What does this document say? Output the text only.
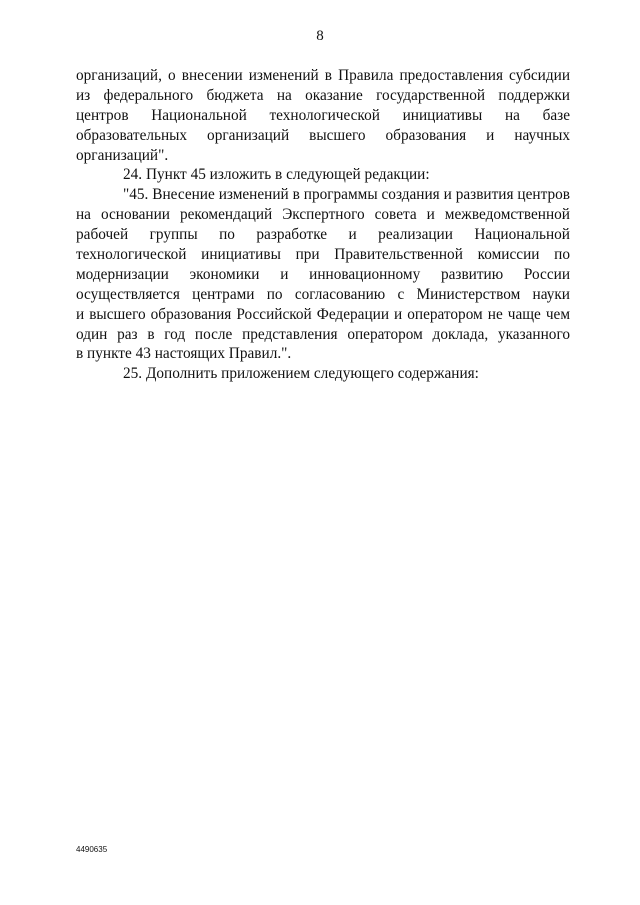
8
организаций, о внесении изменений в Правила предоставления субсидии
из федерального бюджета на оказание государственной поддержки
центров Национальной технологической инициативы на базе
образовательных организаций высшего образования и научных
организаций".
24. Пункт 45 изложить в следующей редакции:
"45. Внесение изменений в программы создания и развития центров
на основании рекомендаций Экспертного совета и межведомственной
рабочей группы по разработке и реализации Национальной
технологической инициативы при Правительственной комиссии по
модернизации экономики и инновационному развитию России
осуществляется центрами по согласованию с Министерством науки
и высшего образования Российской Федерации и оператором не чаще чем
один раз в год после представления оператором доклада, указанного
в пункте 43 настоящих Правил.".
25. Дополнить приложением следующего содержания:
4490635
